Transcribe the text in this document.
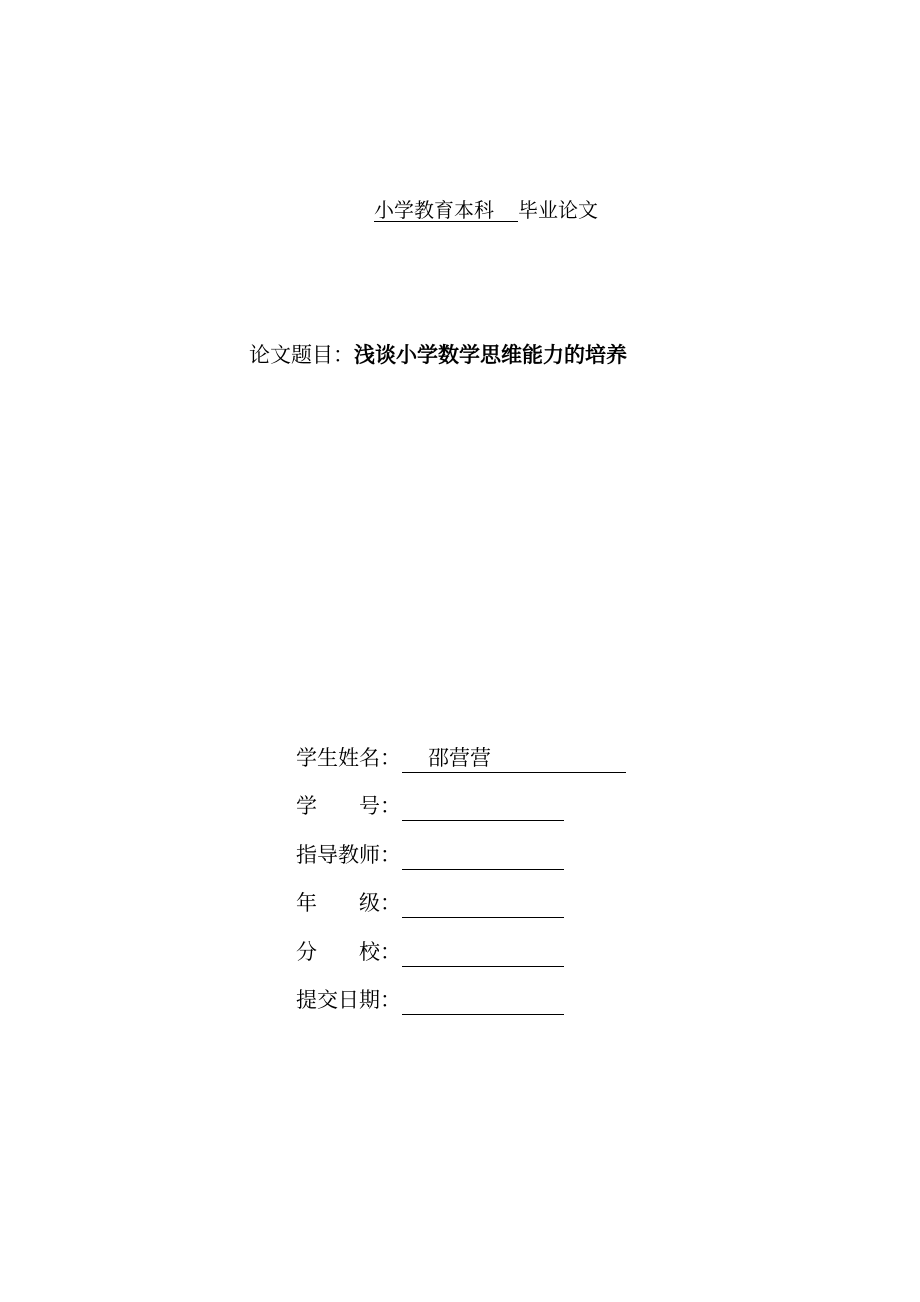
小学教育本科 毕业论文
论文题目：浅谈小学数学思维能力的培养
学 生 姓 名 ： 邵营营
学 号 ：
指 导 教 师 ：
年 级 ：
分 校 ：
提 交 日 期 ：
